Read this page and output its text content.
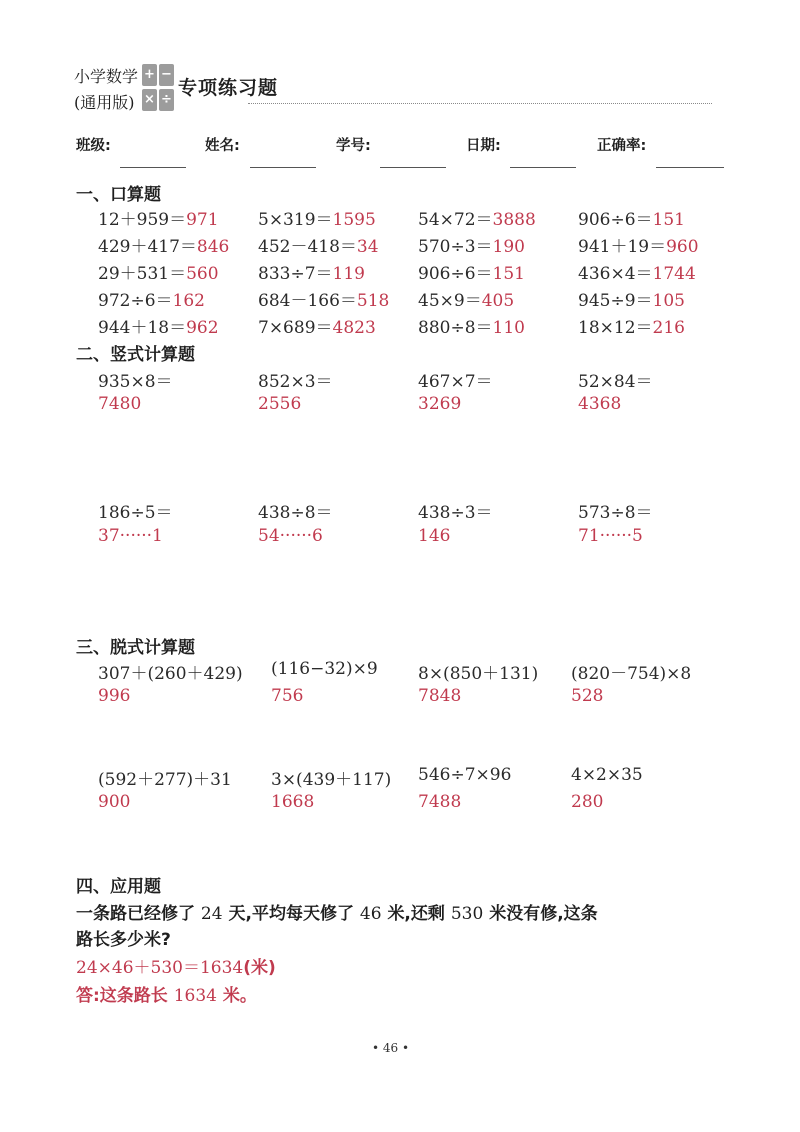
小学数学
(通用版)
+ −
× ÷
专项练习题
班级:	姓名:	学号:	日期:	正确率:
一、口算题
12＋959＝971 5×319＝1595 54×72＝3888 906÷6＝151
429＋417＝846 452－418＝34 570÷3＝190	941＋19＝960
29＋531＝560 833÷7＝119	906÷6＝151	436×4＝1744
972÷6＝162	684－166＝518 45×9＝405	945÷9＝105
944＋18＝962 7×689＝4823 880÷8＝110	18×12＝216
二、竖式计算题
935×8＝	852×3＝	467×7＝	52×84＝
7480	2556	3269	4368
186÷5＝	438÷8＝	438÷3＝	573÷8＝
37······1	54······6	146	71······5
三、脱式计算题
307＋(260＋429) (116−32)×9 8×(850＋131) (820－754)×8
996	756	7848	528
(592＋277)＋31 3×(439＋117) 546÷7×96	4×2×35
900	1668	7488	280
四、应用题
一条路已经修了 24 天,平均每天修了 46 米,还剩 530 米没有修,这条
路长多少米?
24×46＋530＝1634(米)
答:这条路长 1634 米。
• 46 •
